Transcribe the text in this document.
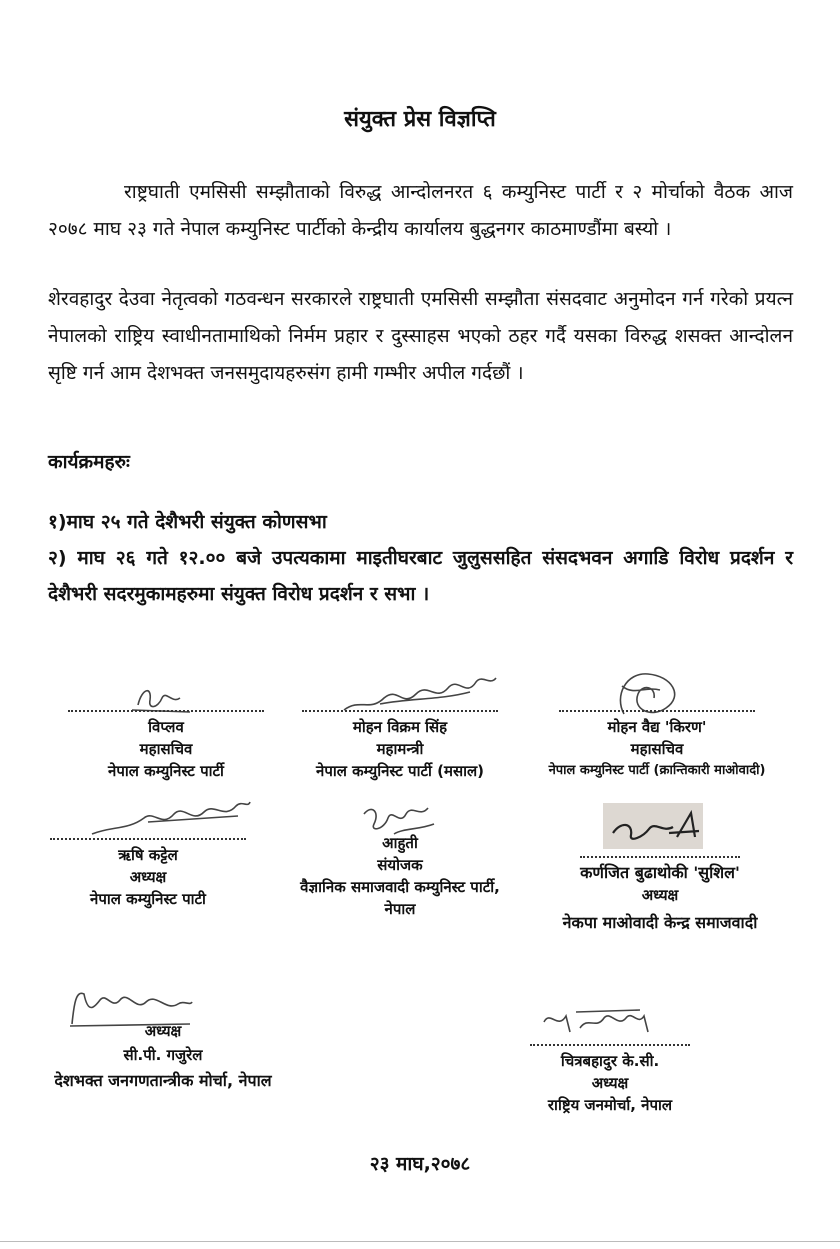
संयुक्त प्रेस विज्ञप्ति

राष्ट्रघाती एमसिसी सम्झौताको विरुद्ध आन्दोलनरत ६ कम्युनिस्ट पार्टी र २ मोर्चाको वैठक आज २०७८ माघ २३ गते नेपाल कम्युनिस्ट पार्टीको केन्द्रीय कार्यालय बुद्धनगर काठमाण्डौंमा बस्यो ।

शेरवहादुर देउवा नेतृत्वको गठवन्धन सरकारले राष्ट्रघाती एमसिसी सम्झौता संसदवाट अनुमोदन गर्न गरेको प्रयत्न नेपालको राष्ट्रिय स्वाधीनतामाथिको निर्मम प्रहार र दुस्साहस भएको ठहर गर्दै यसका विरुद्ध शसक्त आन्दोलन सृष्टि गर्न आम देशभक्त जनसमुदायहरुसंग हामी गम्भीर अपील गर्दछौं ।

कार्यक्रमहरुः

१)माघ २५ गते देशैभरी संयुक्त कोणसभा

२) माघ २६ गते १२.०० बजे उपत्यकामा माइतीघरबाट जुलुससहित संसदभवन अगाडि विरोध प्रदर्शन र देशैभरी सदरमुकामहरुमा संयुक्त विरोध प्रदर्शन र सभा ।

विप्लव
महासचिव
नेपाल कम्युनिस्ट पार्टी
मोहन विक्रम सिंह
महामन्त्री
नेपाल कम्युनिस्ट पार्टी (मसाल)
मोहन वैद्य 'किरण'
महासचिव
नेपाल कम्युनिस्ट पार्टी (क्रान्तिकारी माओवादी)
ऋषि कट्टेल
अध्यक्ष
नेपाल कम्युनिस्ट पाटी
आहुती
संयोजक
वैज्ञानिक समाजवादी कम्युनिस्ट पार्टी, नेपाल
कर्णजित बुढाथोकी 'सुशिल'
अध्यक्ष
नेकपा माओवादी केन्द्र समाजवादी
अध्यक्ष
सी.पी. गजुरेल
देशभक्त जनगणतान्त्रीक मोर्चा, नेपाल
चित्रबहादुर के.सी.
अध्यक्ष
राष्ट्रिय जनमोर्चा, नेपाल
२३ माघ,२०७८
